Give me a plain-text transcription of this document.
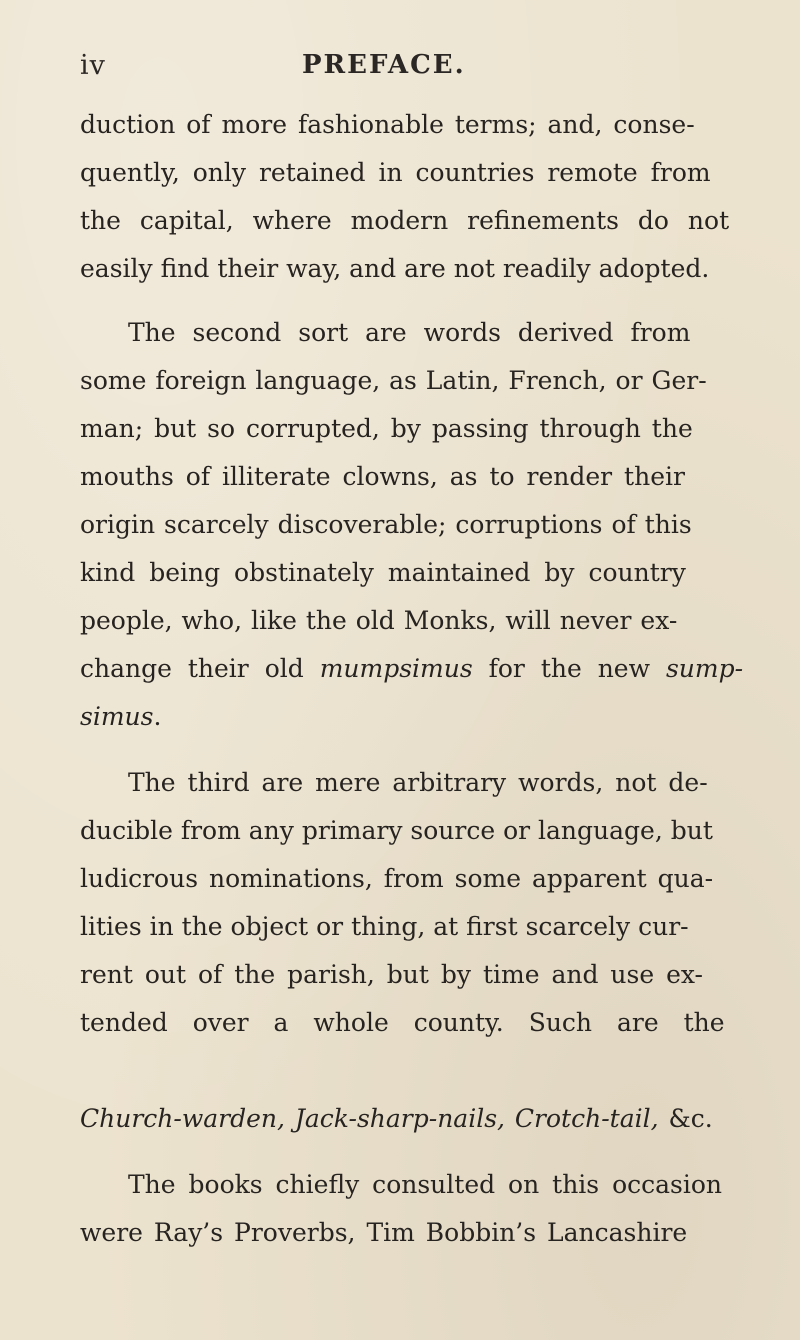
iv	PREFACE.
duction of more fashionable terms; and, conse-
quently, only retained in countries remote from
the capital, where modern refinements do not
easily find their way, and are not readily adopted.
The second sort are words derived from
some foreign language, as Latin, French, or Ger-
man; but so corrupted, by passing through the
mouths of illiterate clowns, as to render their
origin scarcely discoverable; corruptions of this
kind being obstinately maintained by country
people, who, like the old Monks, will never ex-
change their old mumpsimus for the new sump-
simus.
The third are mere arbitrary words, not de-
ducible from any primary source or language, but
ludicrous nominations, from some apparent qua-
lities in the object or thing, at first scarcely cur-
rent out of the parish, but by time and use ex-
tended over a whole county. Such are the
Church-warden, Jack-sharp-nails, Crotch-tail, &c.
The books chiefly consulted on this occasion
were Ray’s Proverbs, Tim Bobbin’s Lancashire
